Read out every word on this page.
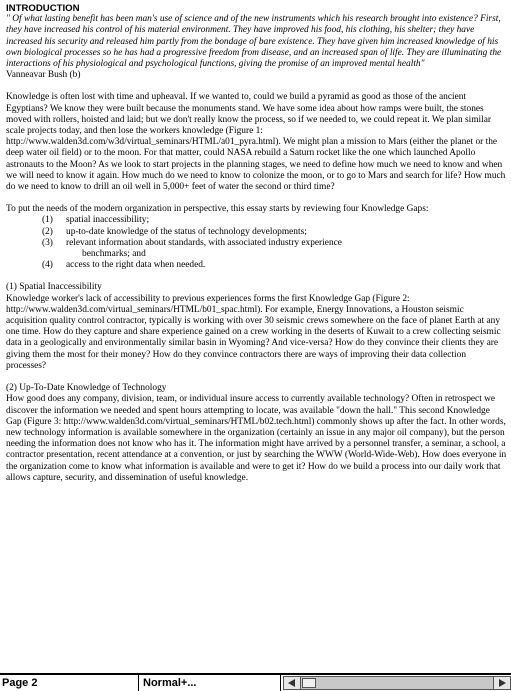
INTRODUCTION

" Of what lasting benefit has been man's use of science and of the new instruments which his research brought into existence? First, they have increased his control of his material environment. They have improved his food, his clothing, his shelter; they have increased his security and released him partly from the bondage of bare existence. They have given him increased knowledge of his own biological processes so he has had a progressive freedom from disease, and an increased span of life. They are illuminating the interactions of his physiological and psychological functions, giving the promise of an improved mental health"

Vanneavar Bush (b)

Knowledge is often lost with time and upheaval. If we wanted to, could we build a pyramid as good as those of the ancient Egyptians? We know they were built because the monuments stand. We have some idea about how ramps were built, the stones moved with rollers, hoisted and laid; but we don't really know the process, so if we needed to, we could repeat it. We plan similar scale projects today, and then lose the workers knowledge (Figure 1: http://www.walden3d.com/w3d/virtual_seminars/HTML/a01_pyra.html). We might plan a mission to Mars (either the planet or the deep water oil field) or to the moon. For that matter, could NASA rebuild a Saturn rocket like the one which launched Apollo astronauts to the Moon? As we look to start projects in the planning stages, we need to define how much we need to know and when we will need to know it again. How much do we need to know to colonize the moon, or to go to Mars and search for life? How much do we need to know to drill an oil well in 5,000+ feet of water the second or third time?

To put the needs of the modern organization in perspective, this essay starts by reviewing four Knowledge Gaps:

(1) spatial inaccessibility;
(2) up-to-date knowledge of the status of technology developments;
(3) relevant information about standards, with associated industry experience
benchmarks; and
(4) access to the right data when needed.

(1) Spatial Inaccessibility

Knowledge worker's lack of accessibility to previous experiences forms the first Knowledge Gap (Figure 2: http://www.walden3d.com/virtual_seminars/HTML/b01_spac.html). For example, Energy Innovations, a Houston seismic acquisition quality control contractor, typically is working with over 30 seismic crews somewhere on the face of planet Earth at any one time. How do they capture and share experience gained on a crew working in the deserts of Kuwait to a crew collecting seismic data in a geologically and environmentally similar basin in Wyoming? And vice-versa? How do they convince their clients they are giving them the most for their money? How do they convince contractors there are ways of improving their data collection processes?

(2) Up-To-Date Knowledge of Technology

How good does any company, division, team, or individual insure access to currently available technology? Often in retrospect we discover the information we needed and spent hours attempting to locate, was available "down the hall." This second Knowledge Gap (Figure 3: http://www.walden3d.com/virtual_seminars/HTML/b02.tech.html) commonly shows up after the fact. In other words, new technology information is available somewhere in the organization (certainly an issue in any major oil company), but the person needing the information does not know who has it. The information might have arrived by a personnel transfer, a seminar, a school, a contractor presentation, recent attendance at a convention, or just by searching the WWW (World-Wide-Web). How does everyone in the organization come to know what information is available and were to get it? How do we build a process into our daily work that allows capture, security, and dissemination of useful knowledge.

Page 2	Normal+...
